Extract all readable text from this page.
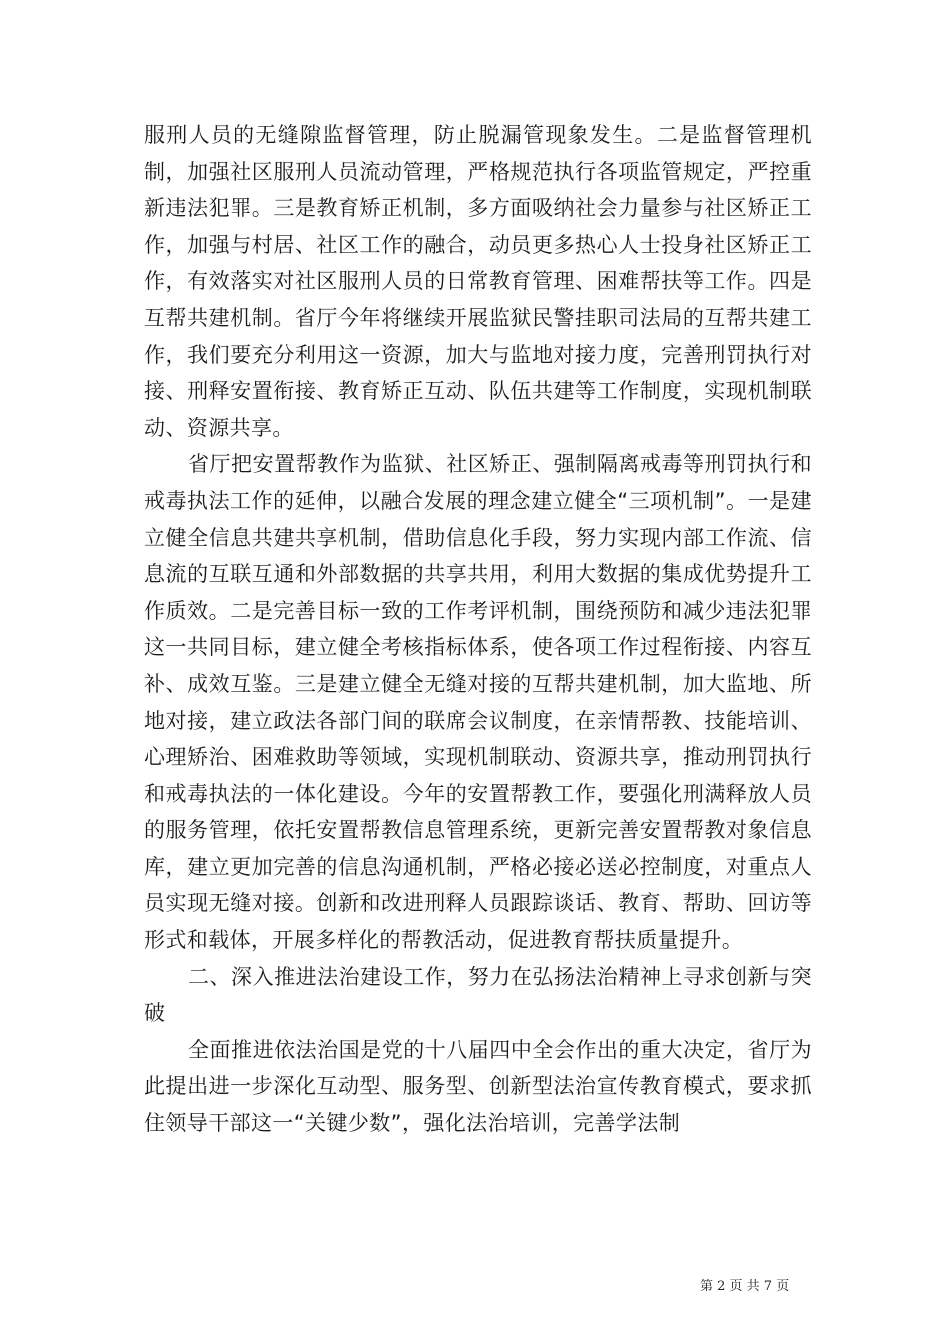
服刑人员的无缝隙监督管理，防止脱漏管现象发生。二是监督管理机制，加强社区服刑人员流动管理，严格规范执行各项监管规定，严控重新违法犯罪。三是教育矫正机制，多方面吸纳社会力量参与社区矫正工作，加强与村居、社区工作的融合，动员更多热心人士投身社区矫正工作，有效落实对社区服刑人员的日常教育管理、困难帮扶等工作。四是互帮共建机制。省厅今年将继续开展监狱民警挂职司法局的互帮共建工作，我们要充分利用这一资源，加大与监地对接力度，完善刑罚执行对接、刑释安置衔接、教育矫正互动、队伍共建等工作制度，实现机制联动、资源共享。

省厅把安置帮教作为监狱、社区矫正、强制隔离戒毒等刑罚执行和戒毒执法工作的延伸，以融合发展的理念建立健全“三项机制”。一是建立健全信息共建共享机制，借助信息化手段，努力实现内部工作流、信息流的互联互通和外部数据的共享共用，利用大数据的集成优势提升工作质效。二是完善目标一致的工作考评机制，围绕预防和减少违法犯罪这一共同目标，建立健全考核指标体系，使各项工作过程衔接、内容互补、成效互鉴。三是建立健全无缝对接的互帮共建机制，加大监地、所地对接，建立政法各部门间的联席会议制度，在亲情帮教、技能培训、心理矫治、困难救助等领域，实现机制联动、资源共享，推动刑罚执行和戒毒执法的一体化建设。今年的安置帮教工作，要强化刑满释放人员的服务管理，依托安置帮教信息管理系统，更新完善安置帮教对象信息库，建立更加完善的信息沟通机制，严格必接必送必控制度，对重点人员实现无缝对接。创新和改进刑释人员跟踪谈话、教育、帮助、回访等形式和载体，开展多样化的帮教活动，促进教育帮扶质量提升。

二、深入推进法治建设工作，努力在弘扬法治精神上寻求创新与突破

全面推进依法治国是党的十八届四中全会作出的重大决定，省厅为此提出进一步深化互动型、服务型、创新型法治宣传教育模式，要求抓住领导干部这一“关键少数”，强化法治培训，完善学法制

第 2 页 共 7 页
